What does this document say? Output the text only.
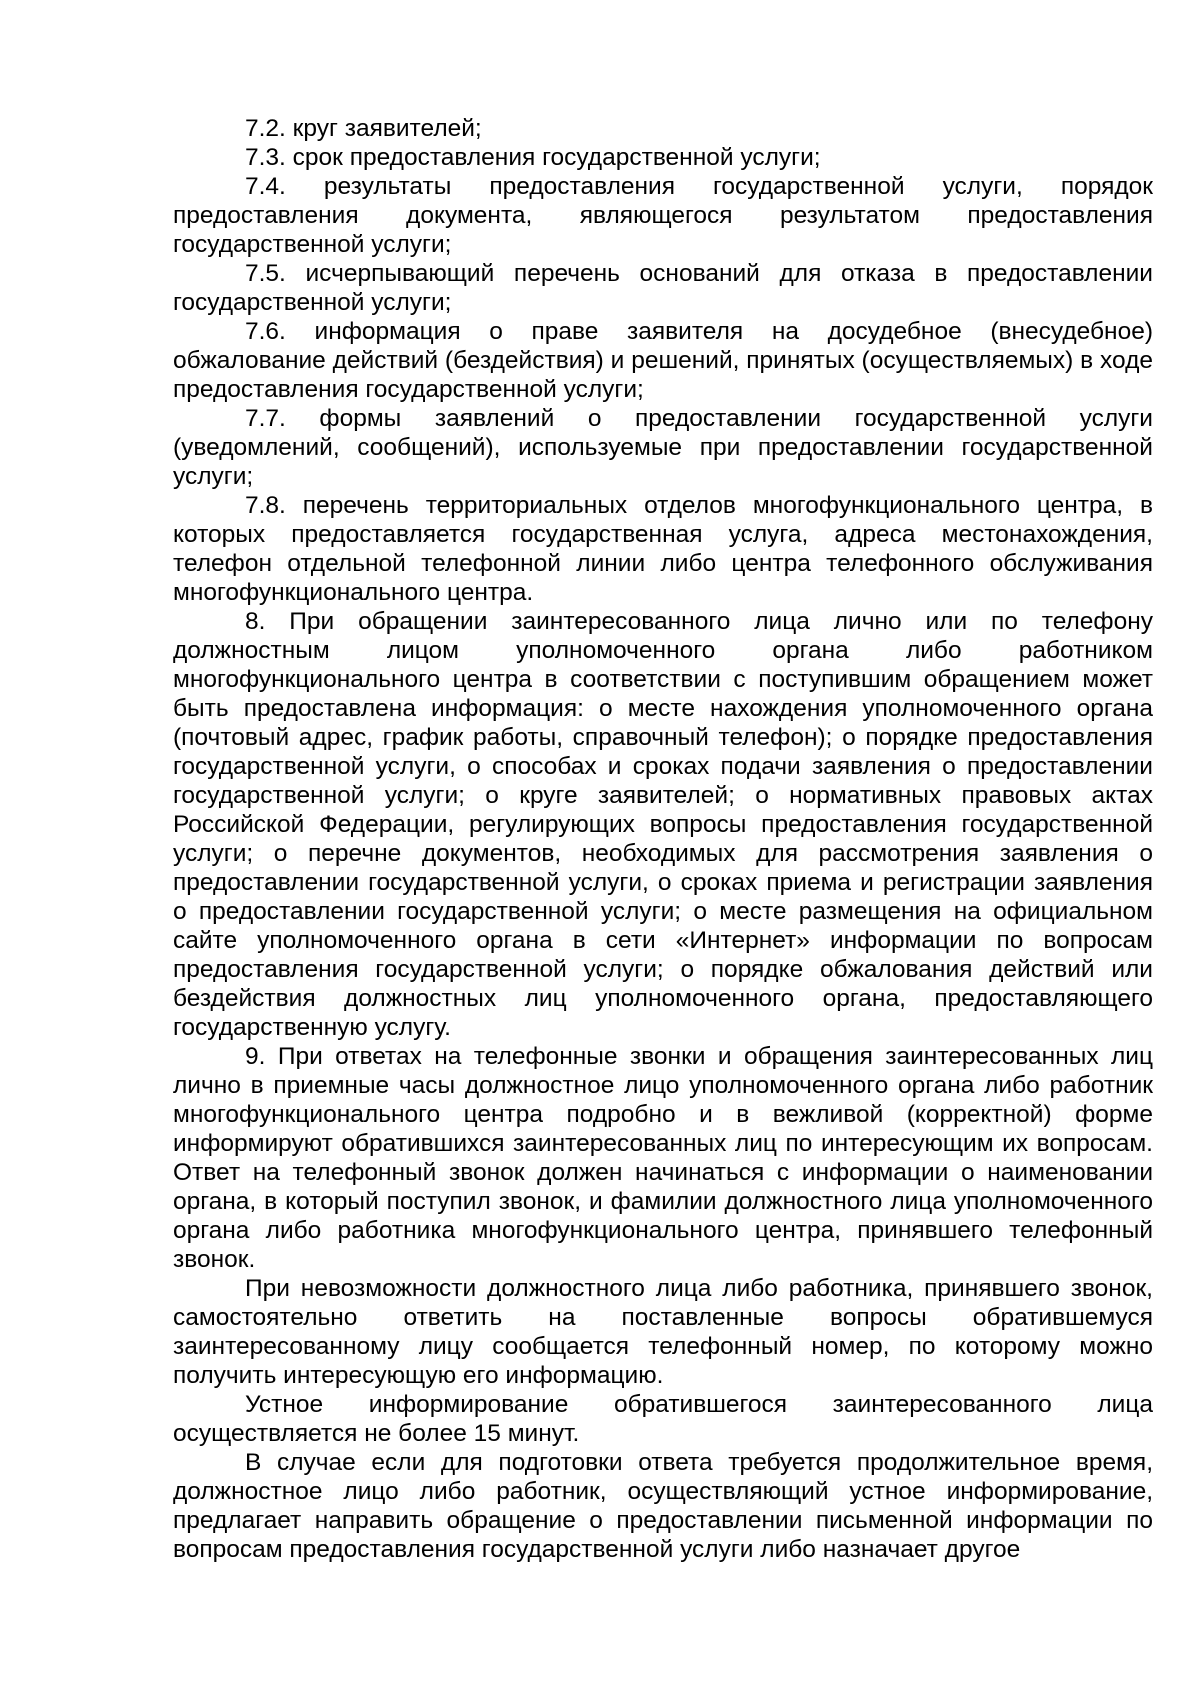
7.2. круг заявителей;

7.3. срок предоставления государственной услуги;

7.4. результаты предоставления государственной услуги, порядок предоставления документа, являющегося результатом предоставления государственной услуги;

7.5. исчерпывающий перечень оснований для отказа в предоставлении государственной услуги;

7.6. информация о праве заявителя на досудебное (внесудебное) обжалование действий (бездействия) и решений, принятых (осуществляемых) в ходе предоставления государственной услуги;

7.7. формы заявлений о предоставлении государственной услуги (уведомлений, сообщений), используемые при предоставлении государственной услуги;

7.8. перечень территориальных отделов многофункционального центра, в которых предоставляется государственная услуга, адреса местонахождения, телефон отдельной телефонной линии либо центра телефонного обслуживания многофункционального центра.

8. При обращении заинтересованного лица лично или по телефону должностным лицом уполномоченного органа либо работником многофункционального центра в соответствии с поступившим обращением может быть предоставлена информация: о месте нахождения уполномоченного органа (почтовый адрес, график работы, справочный телефон); о порядке предоставления государственной услуги, о способах и сроках подачи заявления о предоставлении государственной услуги; о круге заявителей; о нормативных правовых актах Российской Федерации, регулирующих вопросы предоставления государственной услуги; о перечне документов, необходимых для рассмотрения заявления о предоставлении государственной услуги, о сроках приема и регистрации заявления о предоставлении государственной услуги; о месте размещения на официальном сайте уполномоченного органа в сети «Интернет» информации по вопросам предоставления государственной услуги; о порядке обжалования действий или бездействия должностных лиц уполномоченного органа, предоставляющего государственную услугу.

9. При ответах на телефонные звонки и обращения заинтересованных лиц лично в приемные часы должностное лицо уполномоченного органа либо работник многофункционального центра подробно и в вежливой (корректной) форме информируют обратившихся заинтересованных лиц по интересующим их вопросам. Ответ на телефонный звонок должен начинаться с информации о наименовании органа, в который поступил звонок, и фамилии должностного лица уполномоченного органа либо работника многофункционального центра, принявшего телефонный звонок.

При невозможности должностного лица либо работника, принявшего звонок, самостоятельно ответить на поставленные вопросы обратившемуся заинтересованному лицу сообщается телефонный номер, по которому можно получить интересующую его информацию.

Устное информирование обратившегося заинтересованного лица осуществляется не более 15 минут.

В случае если для подготовки ответа требуется продолжительное время, должностное лицо либо работник, осуществляющий устное информирование, предлагает направить обращение о предоставлении письменной информации по вопросам предоставления государственной услуги либо назначает другое
